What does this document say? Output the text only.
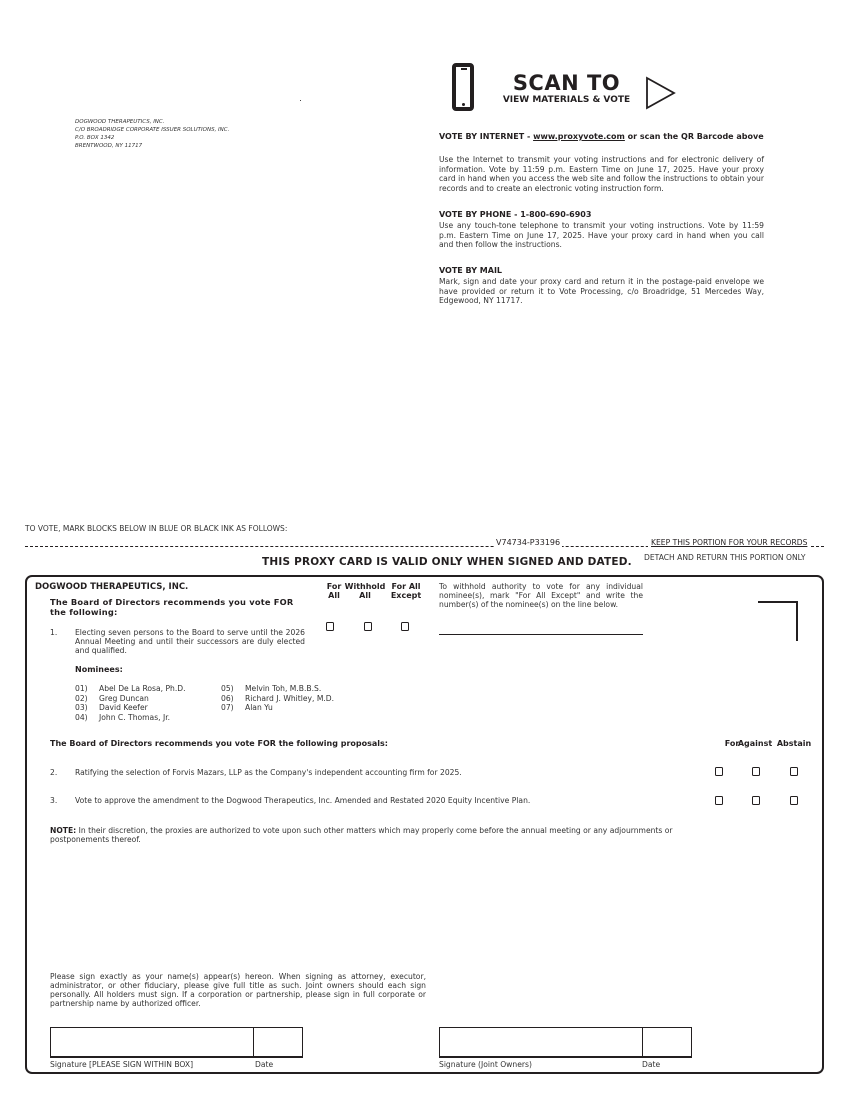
DOGWOOD THERAPEUTICS, INC.
C/O BROADRIDGE CORPORATE ISSUER SOLUTIONS, INC.
P.O. BOX 1342
BRENTWOOD, NY 11717
SCAN TO
VIEW MATERIALS & VOTE
VOTE BY INTERNET - www.proxyvote.com or scan the QR Barcode above
Use the Internet to transmit your voting instructions and for electronic delivery of information. Vote by 11:59 p.m. Eastern Time on June 17, 2025. Have your proxy card in hand when you access the web site and follow the instructions to obtain your records and to create an electronic voting instruction form.
VOTE BY PHONE - 1-800-690-6903
Use any touch-tone telephone to transmit your voting instructions. Vote by 11:59 p.m. Eastern Time on June 17, 2025. Have your proxy card in hand when you call and then follow the instructions.
VOTE BY MAIL
Mark, sign and date your proxy card and return it in the postage-paid envelope we have provided or return it to Vote Processing, c/o Broadridge, 51 Mercedes Way, Edgewood, NY 11717.
TO VOTE, MARK BLOCKS BELOW IN BLUE OR BLACK INK AS FOLLOWS:
V74734-P33196	KEEP THIS PORTION FOR YOUR RECORDS
DETACH AND RETURN THIS PORTION ONLY
THIS PROXY CARD IS VALID ONLY WHEN SIGNED AND DATED.
DOGWOOD THERAPEUTICS, INC.
The Board of Directors recommends you vote FOR the following:
For All
Withhold All
For All Except
To withhold authority to vote for any individual nominee(s), mark "For All Except" and write the number(s) of the nominee(s) on the line below.
1. Electing seven persons to the Board to serve until the 2026 Annual Meeting and until their successors are duly elected and qualified.
Nominees:
01) Abel De La Rosa, Ph.D.
02) Greg Duncan
03) David Keefer
04) John C. Thomas, Jr.
05) Melvin Toh, M.B.B.S.
06) Richard J. Whitley, M.D.
07) Alan Yu
The Board of Directors recommends you vote FOR the following proposals:	For
Against Abstain
2. Ratifying the selection of Forvis Mazars, LLP as the Company's independent accounting firm for 2025.
3. Vote to approve the amendment to the Dogwood Therapeutics, Inc. Amended and Restated 2020 Equity Incentive Plan.
NOTE: In their discretion, the proxies are authorized to vote upon such other matters which may properly come before the annual meeting or any adjournments or postponements thereof.
Please sign exactly as your name(s) appear(s) hereon. When signing as attorney, executor, administrator, or other fiduciary, please give full title as such. Joint owners should each sign personally. All holders must sign. If a corporation or partnership, please sign in full corporate or partnership name by authorized officer.
Signature [PLEASE SIGN WITHIN BOX]	Date	Signature (Joint Owners)	Date
